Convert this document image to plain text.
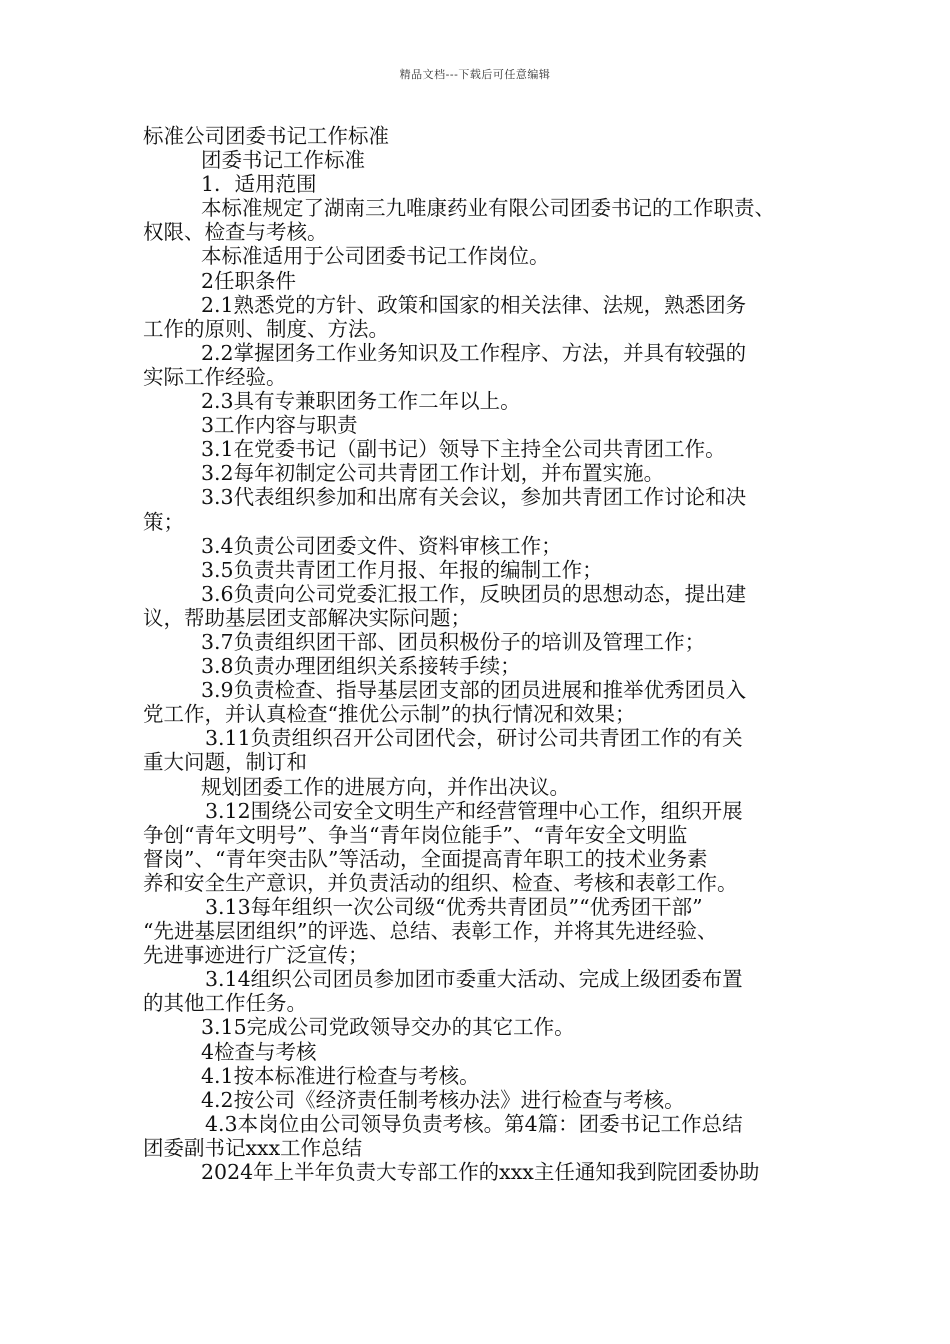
精品文档---下载后可任意编辑
标准公司团委书记工作标准
团委书记工作标准
1．适用范围
本标准规定了湖南三九唯康药业有限公司团委书记的工作职责、
权限、检查与考核。
本标准适用于公司团委书记工作岗位。
2任职条件
2.1熟悉党的方针、政策和国家的相关法律、法规，熟悉团务
工作的原则、制度、方法。
2.2掌握团务工作业务知识及工作程序、方法，并具有较强的
实际工作经验。
2.3具有专兼职团务工作二年以上。
3工作内容与职责
3.1在党委书记（副书记）领导下主持全公司共青团工作。
3.2每年初制定公司共青团工作计划，并布置实施。
3.3代表组织参加和出席有关会议，参加共青团工作讨论和决
策；
3.4负责公司团委文件、资料审核工作；
3.5负责共青团工作月报、年报的编制工作；
3.6负责向公司党委汇报工作，反映团员的思想动态，提出建
议，帮助基层团支部解决实际问题；
3.7负责组织团干部、团员积极份子的培训及管理工作；
3.8负责办理团组织关系接转手续；
3.9负责检查、指导基层团支部的团员进展和推举优秀团员入
党工作，并认真检查“推优公示制”的执行情况和效果；
3.11负责组织召开公司团代会，研讨公司共青团工作的有关
重大问题，制订和
规划团委工作的进展方向，并作出决议。
3.12围绕公司安全文明生产和经营管理中心工作，组织开展
争创“青年文明号”、争当“青年岗位能手”、“青年安全文明监
督岗”、“青年突击队”等活动，全面提高青年职工的技术业务素
养和安全生产意识，并负责活动的组织、检查、考核和表彰工作。
3.13每年组织一次公司级“优秀共青团员”“优秀团干部”
“先进基层团组织”的评选、总结、表彰工作，并将其先进经验、
先进事迹进行广泛宣传；
3.14组织公司团员参加团市委重大活动、完成上级团委布置
的其他工作任务。
3.15完成公司党政领导交办的其它工作。
4检查与考核
4.1按本标准进行检查与考核。
4.2按公司《经济责任制考核办法》进行检查与考核。
4.3本岗位由公司领导负责考核。第4篇：团委书记工作总结
团委副书记xxx工作总结
2024年上半年负责大专部工作的xxx主任通知我到院团委协助
